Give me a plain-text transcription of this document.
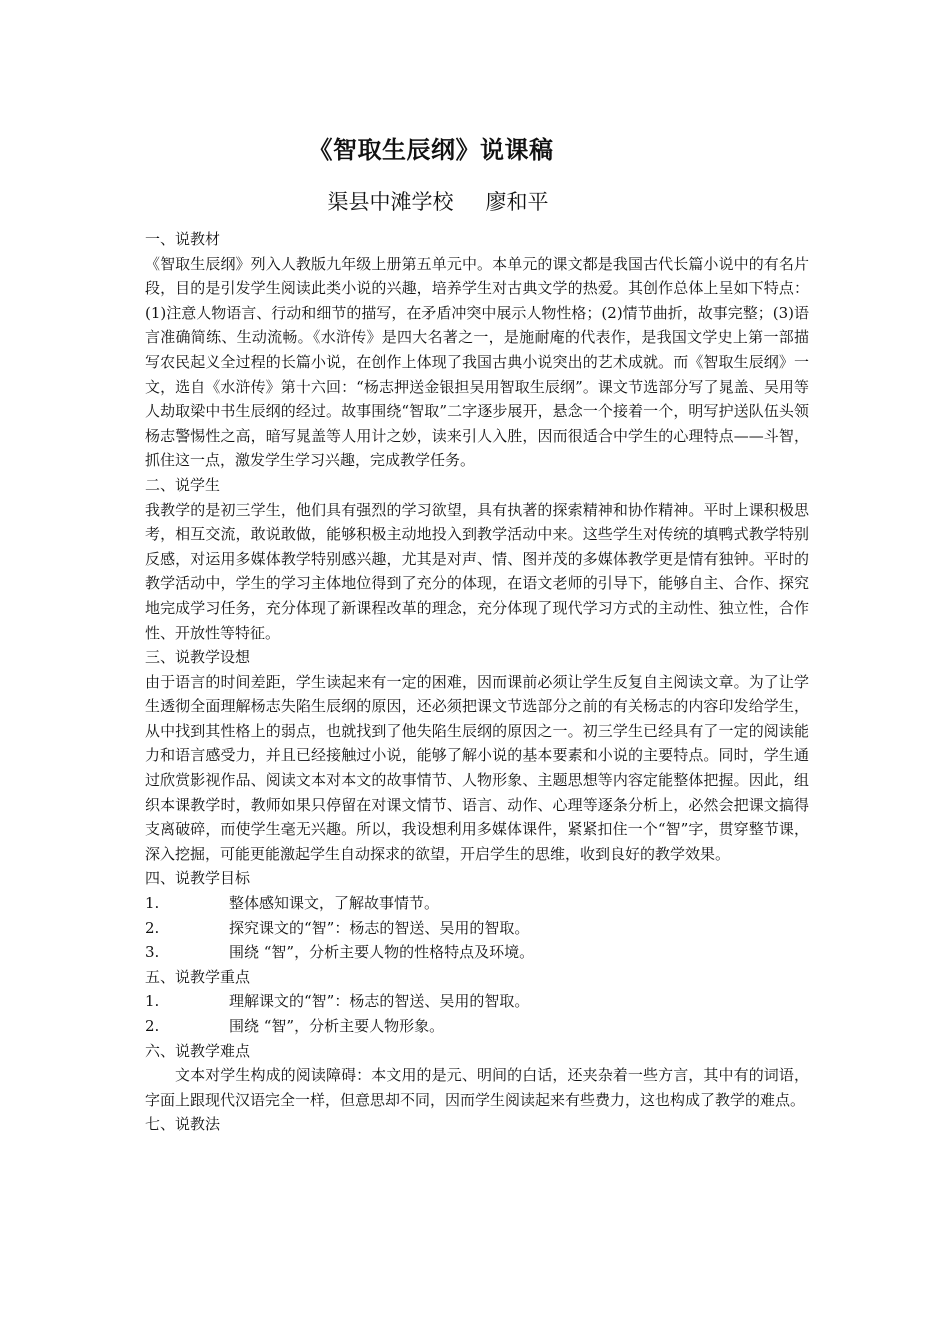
《智取生辰纲》说课稿
渠县中滩学校 廖和平

一、说教材

《智取生辰纲》列入人教版九年级上册第五单元中。本单元的课文都是我国古代长篇小说中的有名片段，目的是引发学生阅读此类小说的兴趣，培养学生对古典文学的热爱。其创作总体上呈如下特点：(1)注意人物语言、行动和细节的描写，在矛盾冲突中展示人物性格；(2)情节曲折，故事完整；(3)语言准确简练、生动流畅。《水浒传》是四大名著之一，是施耐庵的代表作，是我国文学史上第一部描写农民起义全过程的长篇小说，在创作上体现了我国古典小说突出的艺术成就。而《智取生辰纲》一文，选自《水浒传》第十六回：“杨志押送金银担吴用智取生辰纲”。课文节选部分写了晁盖、吴用等人劫取梁中书生辰纲的经过。故事围绕“智取”二字逐步展开，悬念一个接着一个，明写护送队伍头领杨志警惕性之高，暗写晁盖等人用计之妙，读来引人入胜，因而很适合中学生的心理特点——斗智，抓住这一点，激发学生学习兴趣，完成教学任务。

二、说学生

我教学的是初三学生，他们具有强烈的学习欲望，具有执著的探索精神和协作精神。平时上课积极思考，相互交流，敢说敢做，能够积极主动地投入到教学活动中来。这些学生对传统的填鸭式教学特别反感，对运用多媒体教学特别感兴趣，尤其是对声、情、图并茂的多媒体教学更是情有独钟。平时的教学活动中，学生的学习主体地位得到了充分的体现，在语文老师的引导下，能够自主、合作、探究地完成学习任务，充分体现了新课程改革的理念，充分体现了现代学习方式的主动性、独立性，合作性、开放性等特征。

三、说教学设想

由于语言的时间差距，学生读起来有一定的困难，因而课前必须让学生反复自主阅读文章。为了让学生透彻全面理解杨志失陷生辰纲的原因，还必须把课文节选部分之前的有关杨志的内容印发给学生，从中找到其性格上的弱点，也就找到了他失陷生辰纲的原因之一。初三学生已经具有了一定的阅读能力和语言感受力，并且已经接触过小说，能够了解小说的基本要素和小说的主要特点。同时，学生通过欣赏影视作品、阅读文本对本文的故事情节、人物形象、主题思想等内容定能整体把握。因此，组织本课教学时，教师如果只停留在对课文情节、语言、动作、心理等逐条分析上，必然会把课文搞得支离破碎，而使学生毫无兴趣。所以，我设想利用多媒体课件，紧紧扣住一个“智”字，贯穿整节课，深入挖掘，可能更能激起学生自动探求的欲望，开启学生的思维，收到良好的教学效果。

四、说教学目标

1.	整体感知课文，了解故事情节。
2.	探究课文的“智”：杨志的智送、吴用的智取。
3.	围绕 “智”，分析主要人物的性格特点及环境。

五、说教学重点

1.	理解课文的“智”：杨志的智送、吴用的智取。
2.	围绕 “智”，分析主要人物形象。

六、说教学难点

文本对学生构成的阅读障碍：本文用的是元、明间的白话，还夹杂着一些方言，其中有的词语，字面上跟现代汉语完全一样，但意思却不同，因而学生阅读起来有些费力，这也构成了教学的难点。

七、说教法
